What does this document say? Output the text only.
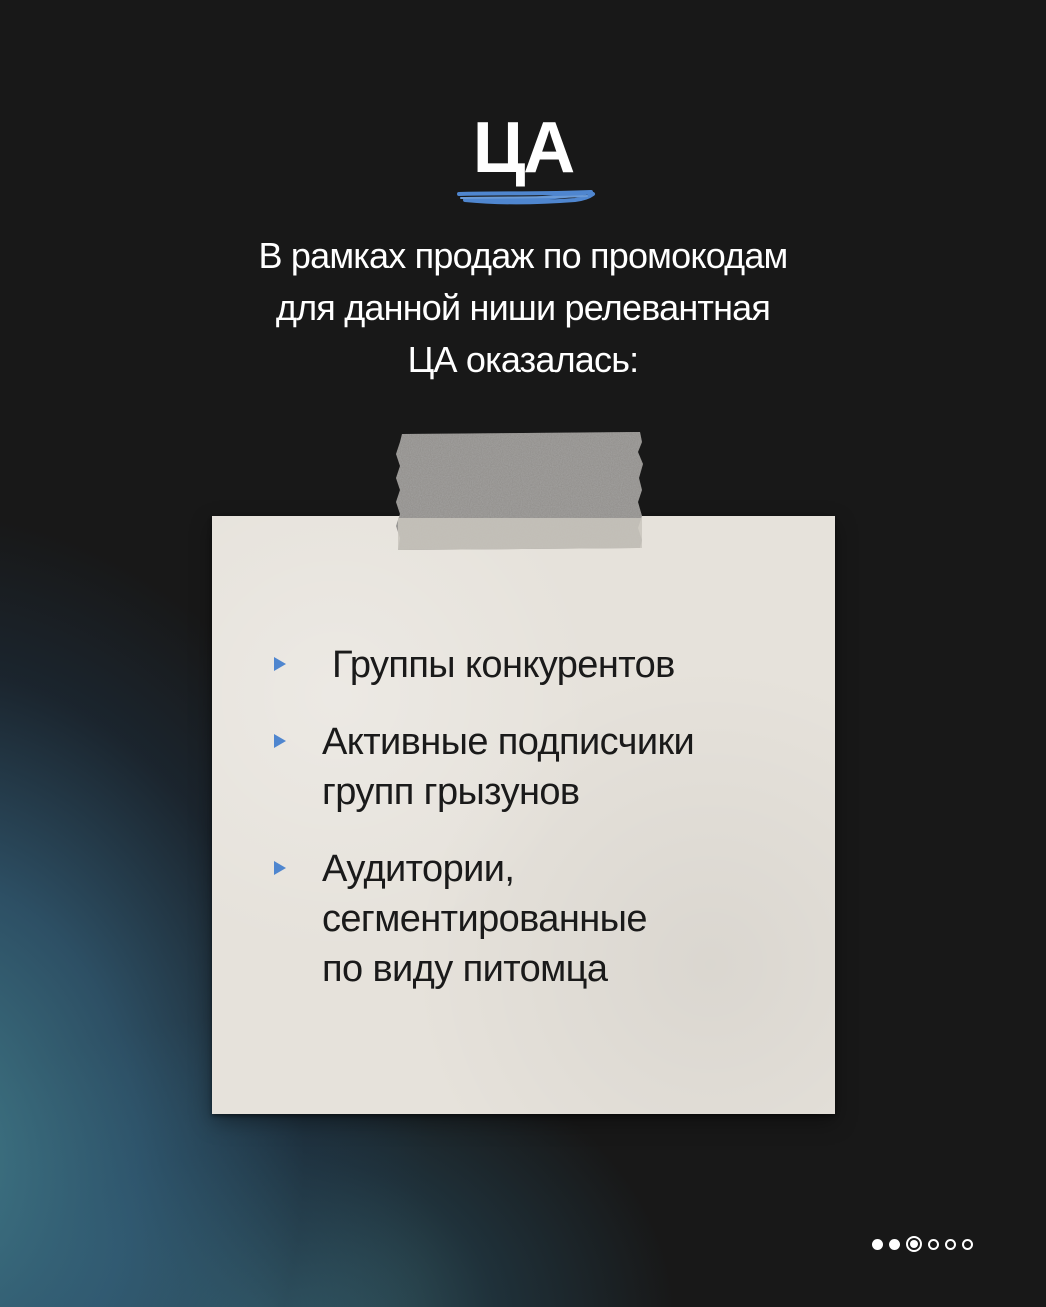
ЦА

В рамках продаж по промокодам
для данной ниши релевантная
ЦА оказалась:

Группы конкурентов
Активные подписчики
групп грызунов
Аудитории,
сегментированные
по виду питомца
